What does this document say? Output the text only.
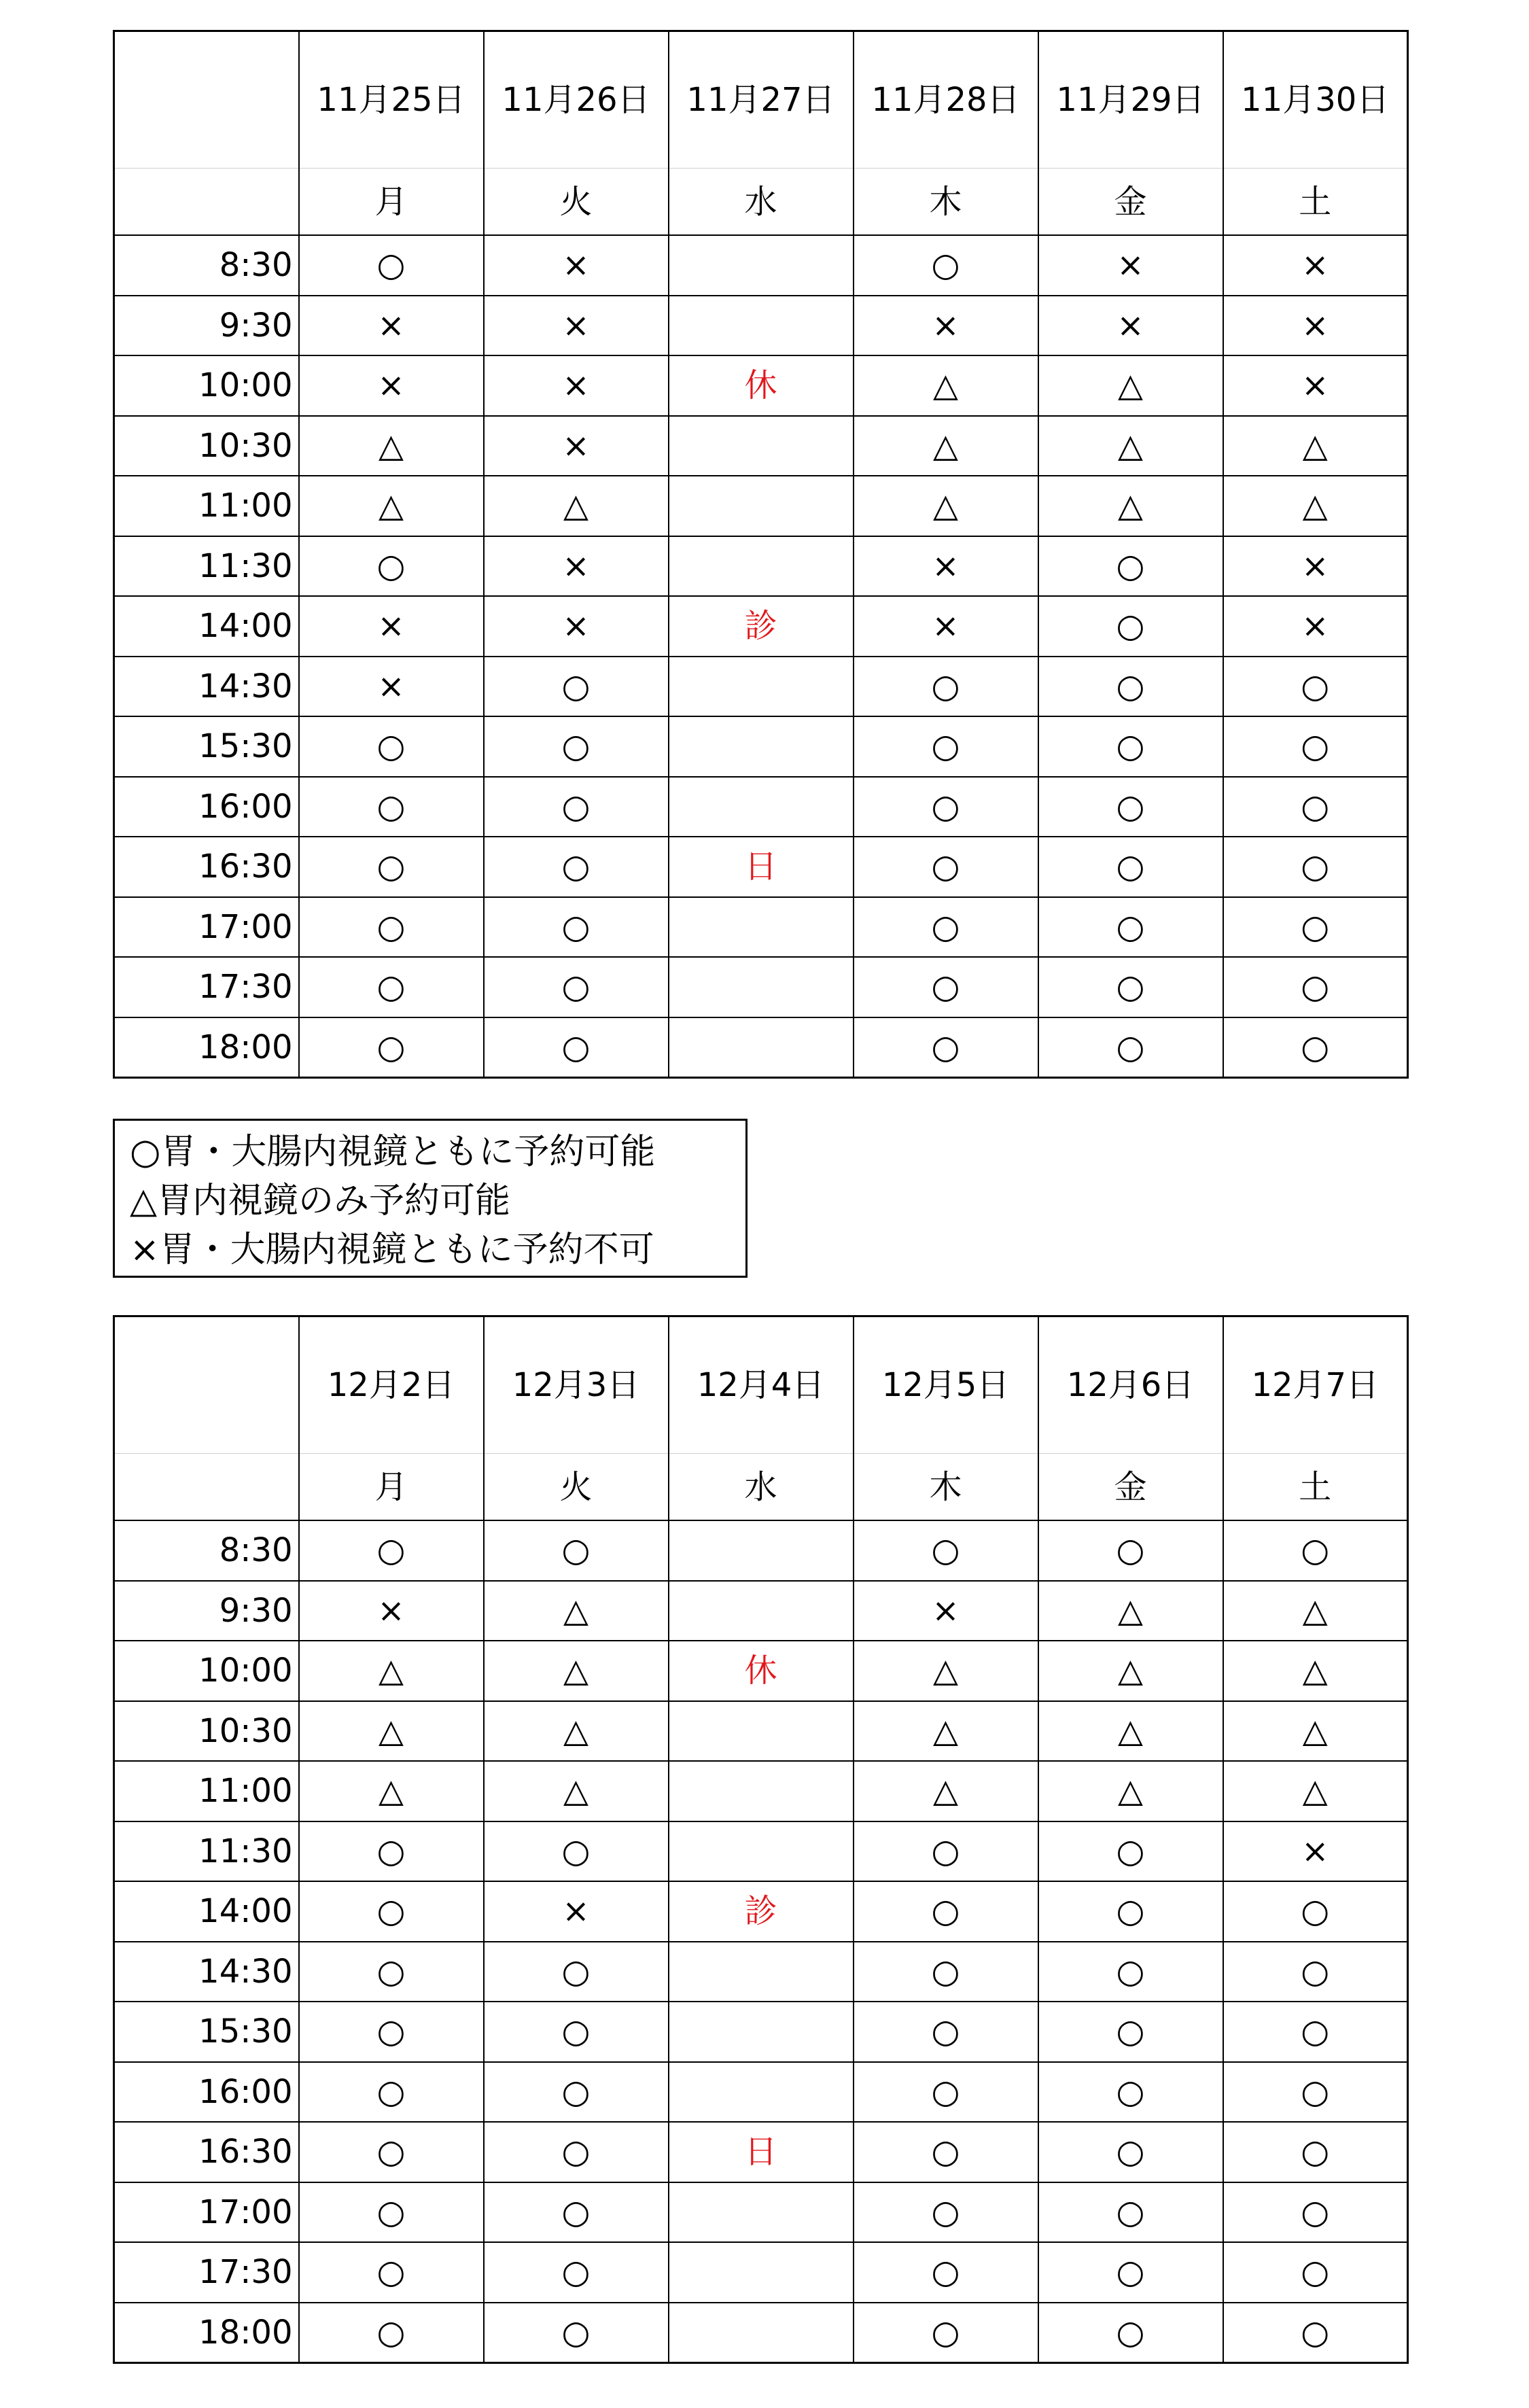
	11月25日	11月26日	11月27日	11月28日	11月29日	11月30日
	月	火	水	木	金	土
8:30	○	×		○	×	×
9:30	×	×		×	×	×
10:00	×	×	休	△	△	×
10:30	△	×		△	△	△
11:00	△	△		△	△	△
11:30	○	×		×	○	×
14:00	×	×	診	×	○	×
14:30	×	○		○	○	○
15:30	○	○		○	○	○
16:00	○	○		○	○	○
16:30	○	○	日	○	○	○
17:00	○	○		○	○	○
17:30	○	○		○	○	○
18:00	○	○		○	○	○
○胃・大腸内視鏡ともに予約可能
△胃内視鏡のみ予約可能
×胃・大腸内視鏡ともに予約不可
	12月2日	12月3日	12月4日	12月5日	12月6日	12月7日
	月	火	水	木	金	土
8:30	○	○		○	○	○
9:30	×	△		×	△	△
10:00	△	△	休	△	△	△
10:30	△	△		△	△	△
11:00	△	△		△	△	△
11:30	○	○		○	○	×
14:00	○	×	診	○	○	○
14:30	○	○		○	○	○
15:30	○	○		○	○	○
16:00	○	○		○	○	○
16:30	○	○	日	○	○	○
17:00	○	○		○	○	○
17:30	○	○		○	○	○
18:00	○	○		○	○	○
